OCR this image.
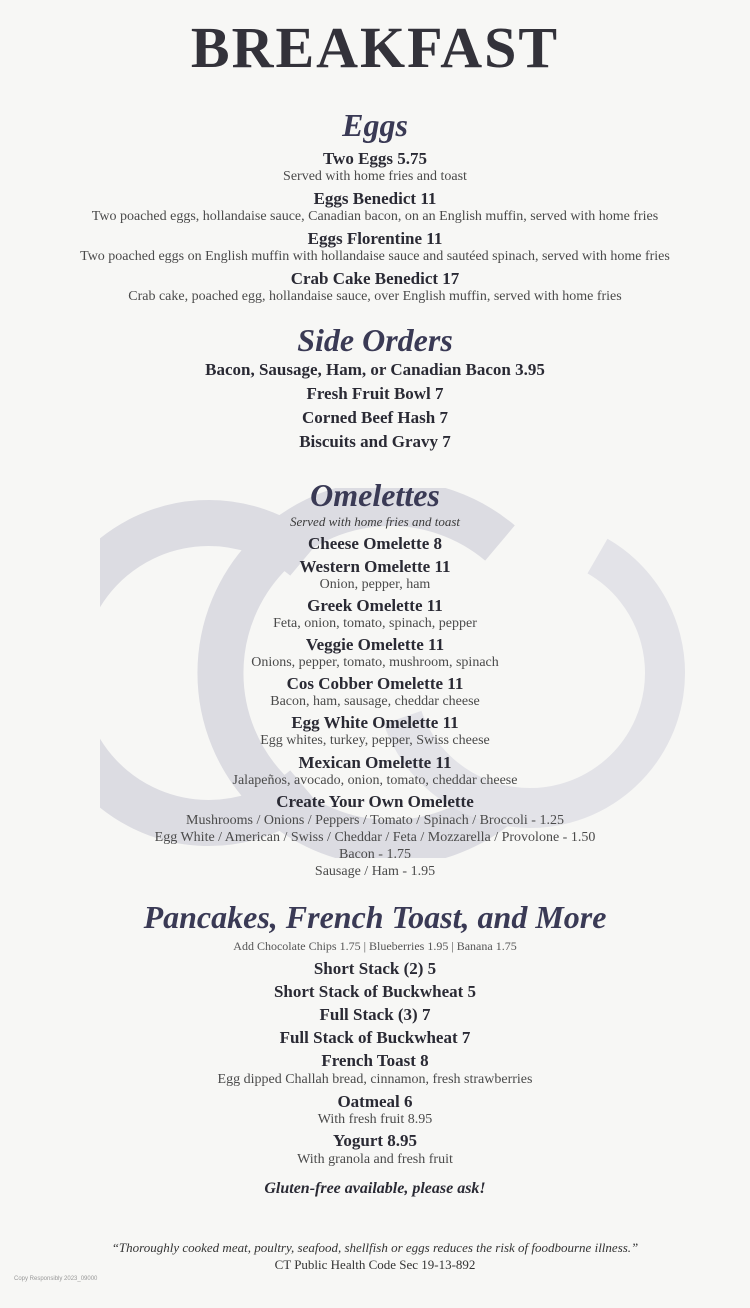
BREAKFAST
Eggs
Two Eggs 5.75
Served with home fries and toast
Eggs Benedict 11
Two poached eggs, hollandaise sauce, Canadian bacon, on an English muffin, served with home fries
Eggs Florentine 11
Two poached eggs on English muffin with hollandaise sauce and sautéed spinach, served with home fries
Crab Cake Benedict 17
Crab cake, poached egg, hollandaise sauce, over English muffin, served with home fries
Side Orders
Bacon, Sausage, Ham, or Canadian Bacon 3.95
Fresh Fruit Bowl 7
Corned Beef Hash 7
Biscuits and Gravy 7
Omelettes
Served with home fries and toast
Cheese Omelette 8
Western Omelette 11
Onion, pepper, ham
Greek Omelette 11
Feta, onion, tomato, spinach, pepper
Veggie Omelette 11
Onions, pepper, tomato, mushroom, spinach
Cos Cobber Omelette 11
Bacon, ham, sausage, cheddar cheese
Egg White Omelette 11
Egg whites, turkey, pepper, Swiss cheese
Mexican Omelette 11
Jalapeños, avocado, onion, tomato, cheddar cheese
Create Your Own Omelette
Mushrooms / Onions / Peppers / Tomato / Spinach / Broccoli - 1.25
Egg White / American / Swiss / Cheddar / Feta / Mozzarella / Provolone - 1.50
Bacon - 1.75
Sausage / Ham - 1.95
Pancakes, French Toast, and More
Add Chocolate Chips 1.75 | Blueberries 1.95 | Banana 1.75
Short Stack (2) 5
Short Stack of Buckwheat 5
Full Stack (3) 7
Full Stack of Buckwheat 7
French Toast 8
Egg dipped Challah bread, cinnamon, fresh strawberries
Oatmeal 6
With fresh fruit 8.95
Yogurt 8.95
With granola and fresh fruit
Gluten-free available, please ask!
“Thoroughly cooked meat, poultry, seafood, shellfish or eggs reduces the risk of foodbourne illness.”
CT Public Health Code Sec 19-13-892
Copy Responsibly 2023_09000
